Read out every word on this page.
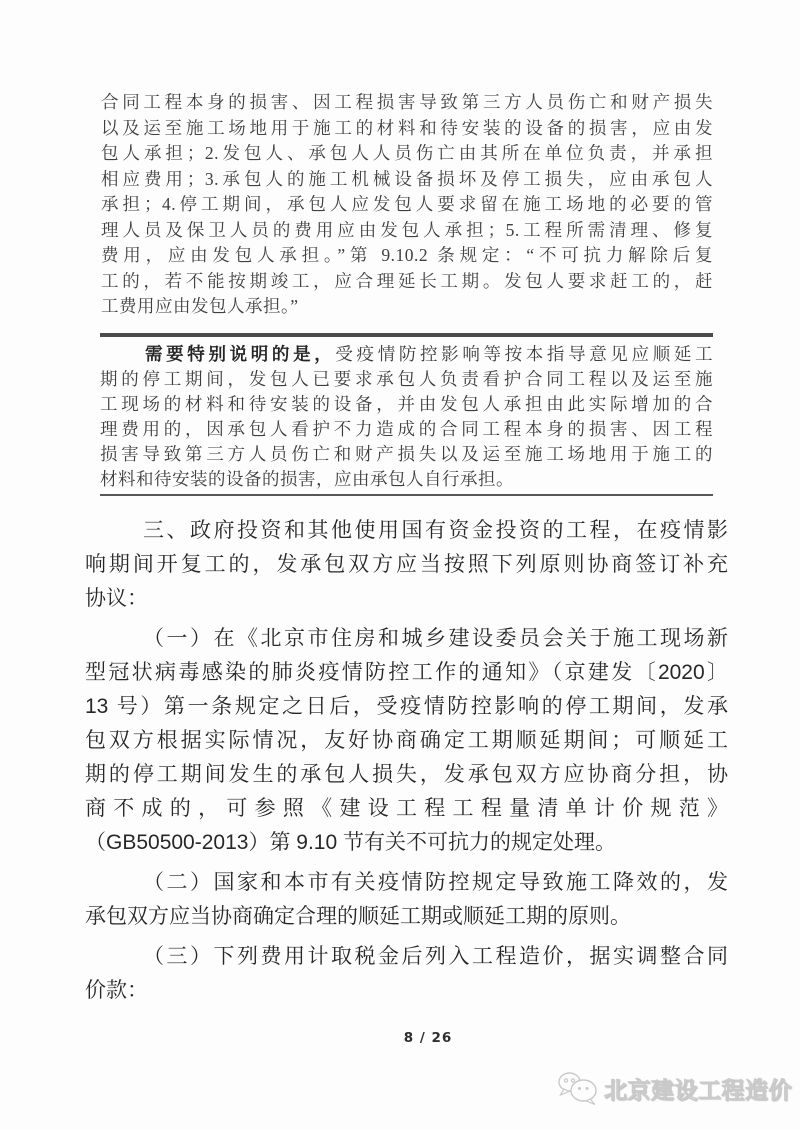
合同工程本身的损害、因工程损害导致第三方人员伤亡和财产损失
以及运至施工场地用于施工的材料和待安装的设备的损害，应由发
包人承担；2.发包人、承包人人员伤亡由其所在单位负责，并承担
相应费用；3.承包人的施工机械设备损坏及停工损失，应由承包人
承担；4.停工期间，承包人应发包人要求留在施工场地的必要的管
理人员及保卫人员的费用应由发包人承担；5.工程所需清理、修复
费用，应由发包人承担。”第 9.10.2 条规定：“不可抗力解除后复
工的，若不能按期竣工，应合理延长工期。发包人要求赶工的，赶
工费用应由发包人承担。”
需要特别说明的是，受疫情防控影响等按本指导意见应顺延工
期的停工期间，发包人已要求承包人负责看护合同工程以及运至施
工现场的材料和待安装的设备，并由发包人承担由此实际增加的合
理费用的，因承包人看护不力造成的合同工程本身的损害、因工程
损害导致第三方人员伤亡和财产损失以及运至施工场地用于施工的
材料和待安装的设备的损害，应由承包人自行承担。
三、政府投资和其他使用国有资金投资的工程，在疫情影
响期间开复工的，发承包双方应当按照下列原则协商签订补充
协议：
（一）在《北京市住房和城乡建设委员会关于施工现场新
型冠状病毒感染的肺炎疫情防控工作的通知》（京建发〔2020〕
13 号）第一条规定之日后，受疫情防控影响的停工期间，发承
包双方根据实际情况，友好协商确定工期顺延期间；可顺延工
期的停工期间发生的承包人损失，发承包双方应协商分担，协
商不成的，可参照《建设工程工程量清单计价规范》
（GB50500-2013）第 9.10 节有关不可抗力的规定处理。
（二）国家和本市有关疫情防控规定导致施工降效的，发
承包双方应当协商确定合理的顺延工期或顺延工期的原则。
（三）下列费用计取税金后列入工程造价，据实调整合同
价款：
8 / 26
北京建设工程造价
